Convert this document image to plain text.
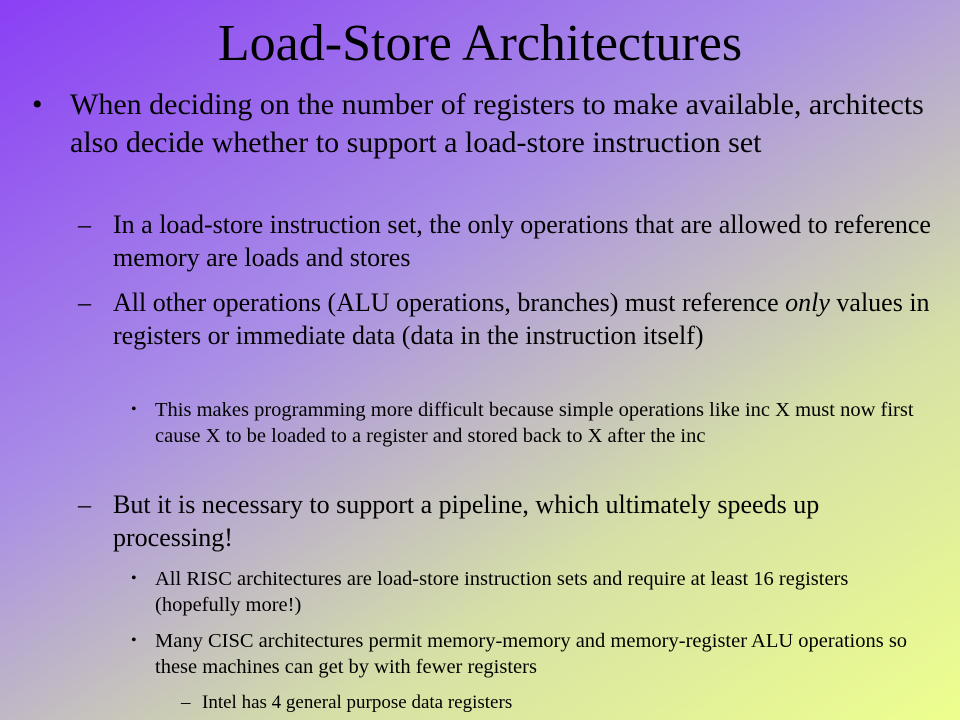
Load-Store Architectures
• When deciding on the number of registers to make available, architects also decide whether to support a load-store instruction set
– In a load-store instruction set, the only operations that are allowed to reference memory are loads and stores
– All other operations (ALU operations, branches) must reference only values in registers or immediate data (data in the instruction itself)
• This makes programming more difficult because simple operations like inc X must now first cause X to be loaded to a register and stored back to X after the inc
– But it is necessary to support a pipeline, which ultimately speeds up processing!
• All RISC architectures are load-store instruction sets and require at least 16 registers (hopefully more!)
• Many CISC architectures permit memory-memory and memory-register ALU operations so these machines can get by with fewer registers
– Intel has 4 general purpose data registers
